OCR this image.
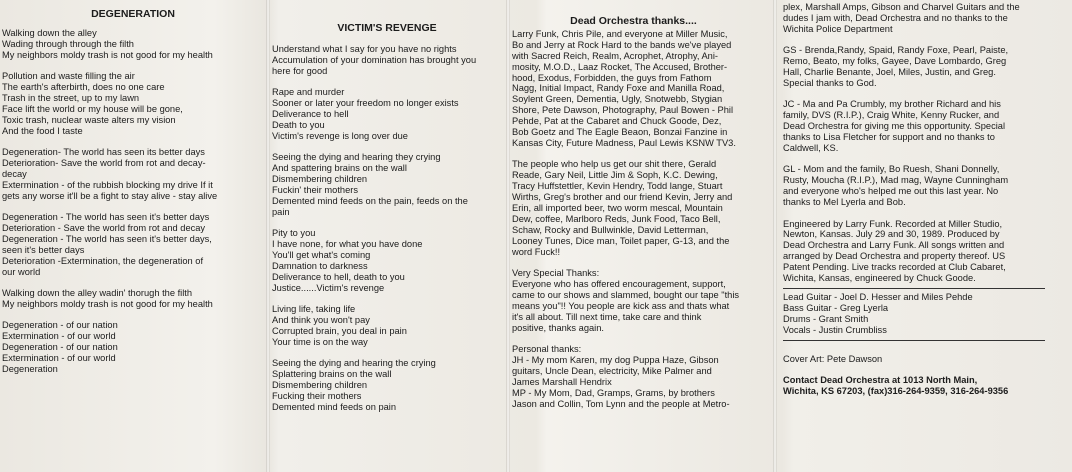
DEGENERATION
Walking down the alley
Wading through through the filth
My neighbors moldy trash is not good for my health
Pollution and waste filling the air
The earth's afterbirth, does no one care
Trash in the street, up to my lawn
Face lift the world or my house will be gone,
Toxic trash, nuclear waste alters my vision
And the food I taste
Degeneration- The world has seen its better days
Deterioration- Save the world from rot and decay-
decay
Extermination - of the rubbish blocking my drive If it
gets any worse it'll be a fight to stay alive - stay alive
Degeneration - The world has seen it's better days
Deterioration - Save the world from rot and decay
Degeneration - The world has seen it's better days,
seen it's better days
Deterioration -Extermination, the degeneration of
our world
Walking down the alley wadin' thorugh the filth
My neighbors moldy trash is not good for my health
Degeneration - of our nation
Extermination - of our world
Degeneration - of our nation
Extermination - of our world
Degeneration
VICTIM'S REVENGE
Understand what I say for you have no rights
Accumulation of your domination has brought you
here for good
Rape and murder
Sooner or later your freedom no longer exists
Deliverance to hell
Death to you
Victim's revenge is long over due
Seeing the dying and hearing they crying
And spattering brains on the wall
Dismembering children
Fuckin' their mothers
Demented mind feeds on the pain, feeds on the
pain
Pity to you
I have none, for what you have done
You'll get what's coming
Damnation to darkness
Deliverance to hell, death to you
Justice......Victim's revenge
Living life, taking life
And think you won't pay
Corrupted brain, you deal in pain
Your time is on the way
Seeing the dying and hearing the crying
Splattering brains on the wall
Dismembering children
Fucking their mothers
Demented mind feeds on pain
Dead Orchestra thanks....
Larry Funk, Chris Pile, and everyone at Miller Music,
Bo and Jerry at Rock Hard to the bands we've played
with Sacred Reich, Realm, Acrophet, Atrophy, Ani-
mosity, M.O.D., Laaz Rocket, The Accused, Brother-
hood, Exodus, Forbidden, the guys from Fathom
Nagg, Initial Impact, Randy Foxe and Manilla Road,
Soylent Green, Dementia, Ugly, Snotwebb, Stygian
Shore, Pete Dawson, Photography, Paul Bowen - Phil
Pehde, Pat at the Cabaret and Chuck Goode, Dez,
Bob Goetz and The Eagle Beaon, Bonzai Fanzine in
Kansas City, Future Madness, Paul Lewis KSNW TV3.
The people who help us get our shit there, Gerald
Reade, Gary Neil, Little Jim & Soph, K.C. Dewing,
Tracy Huffstettler, Kevin Hendry, Todd lange, Stuart
Wirths, Greg's brother and our friend Kevin, Jerry and
Erin, all imported beer, two worm mescal, Mountain
Dew, coffee, Marlboro Reds, Junk Food, Taco Bell,
Schaw, Rocky and Bullwinkle, David Letterman,
Looney Tunes, Dice man, Toilet paper, G-13, and the
word Fuck!!
Very Special Thanks:
Everyone who has offered encouragement, support,
came to our shows and slammed, bought our tape "this
means you"!! You people are kick ass and thats what
it's all about. Till next time, take care and think
positive, thanks again.
Personal thanks:
JH - My mom Karen, my dog Puppa Haze, Gibson
guitars, Uncle Dean, electricity, Mike Palmer and
James Marshall Hendrix
MP - My Mom, Dad, Gramps, Grams, by brothers
Jason and Collin, Tom Lynn and the people at Metro-
plex, Marshall Amps, Gibson and Charvel Guitars and the
dudes I jam with, Dead Orchestra and no thanks to the
Wichita Police Department
GS - Brenda,Randy, Spaid, Randy Foxe, Pearl, Paiste,
Remo, Beato, my folks, Gayee, Dave Lombardo, Greg
Hall, Charlie Benante, Joel, Miles, Justin, and Greg.
Special thanks to God.
JC - Ma and Pa Crumbly, my brother Richard and his
family, DVS (R.I.P.), Craig White, Kenny Rucker, and
Dead Orchestra for giving me this opportunity. Special
thanks to Lisa Fletcher for support and no thanks to
Caldwell, KS.
GL - Mom and the family, Bo Ruesh, Shani Donnelly,
Rusty, Moucha (R.I.P.), Mad mag, Wayne Cunningham
and everyone who's helped me out this last year. No
thanks to Mel Lyerla and Bob.
Engineered by Larry Funk. Recorded at Miller Studio,
Newton, Kansas. July 29 and 30, 1989. Produced by
Dead Orchestra and Larry Funk. All songs written and
arranged by Dead Orchestra and property thereof. US
Patent Pending. Live tracks recorded at Club Cabaret,
Wichita, Kansas, engineered by Chuck Goode.
Lead Guitar - Joel D. Hesser and Miles Pehde
Bass Guitar - Greg Lyerla
Drums - Grant Smith
Vocals - Justin Crumbliss
Cover Art: Pete Dawson
Contact Dead Orchestra at 1013 North Main,
Wichita, KS 67203, (fax)316-264-9359, 316-264-9356
